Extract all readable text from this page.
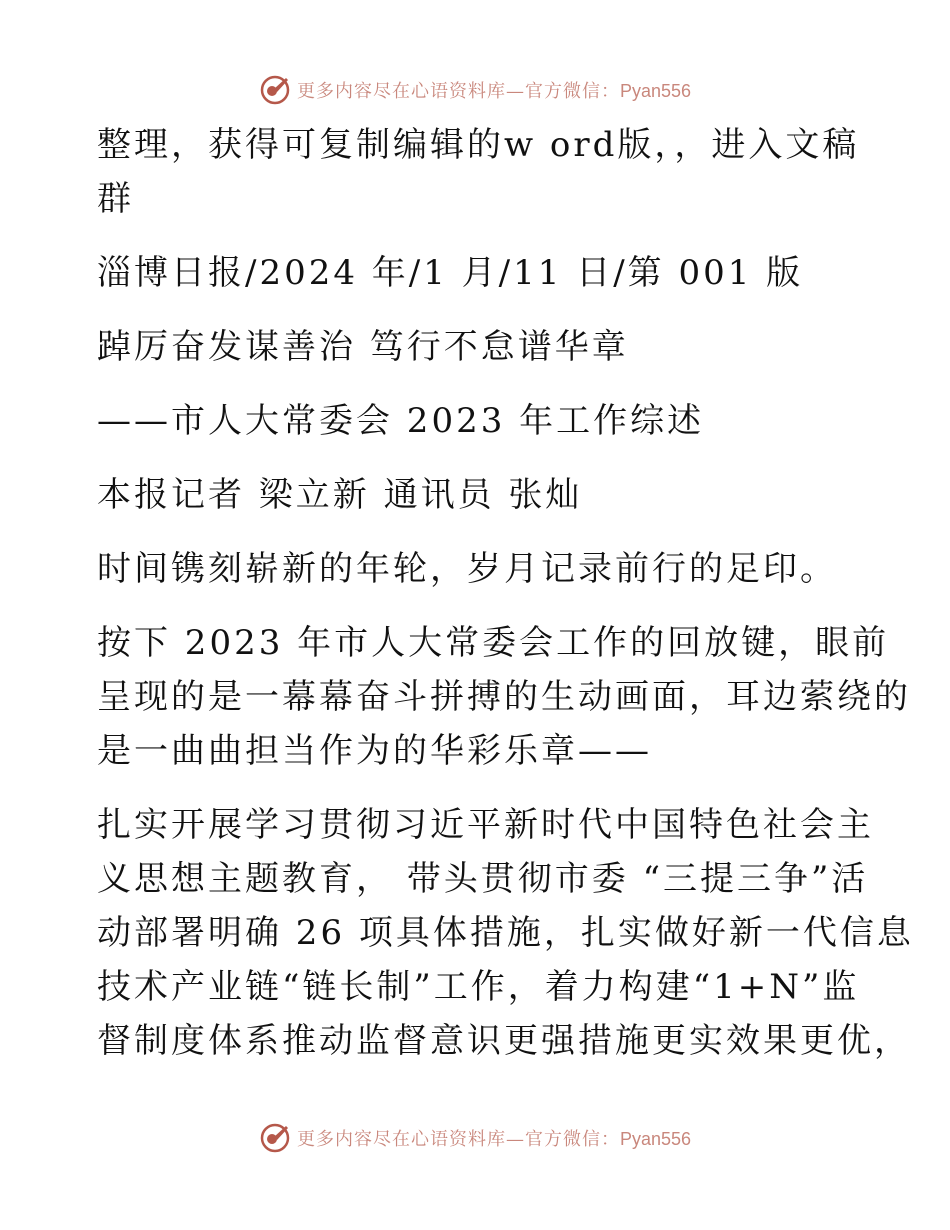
更多内容尽在心语资料库—官方微信：Pyan556
整理，获得可复制编辑的w ord版，，进入文稿
群
淄博日报/2024 年/1 月/11 日/第 001 版
踔厉奋发谋善治 笃行不怠谱华章
——市人大常委会 2023 年工作综述
本报记者 梁立新 通讯员 张灿
时间镌刻崭新的年轮，岁月记录前行的足印。
按下 2023 年市人大常委会工作的回放键，眼前
呈现的是一幕幕奋斗拼搏的生动画面，耳边萦绕的
是一曲曲担当作为的华彩乐章——
扎实开展学习贯彻习近平新时代中国特色社会主
义思想主题教育， 带头贯彻市委 “三提三争”活
动部署明确 26 项具体措施，扎实做好新一代信息
技术产业链“链长制”工作，着力构建“1+N”监
督制度体系推动监督意识更强措施更实效果更优，
更多内容尽在心语资料库—官方微信：Pyan556
